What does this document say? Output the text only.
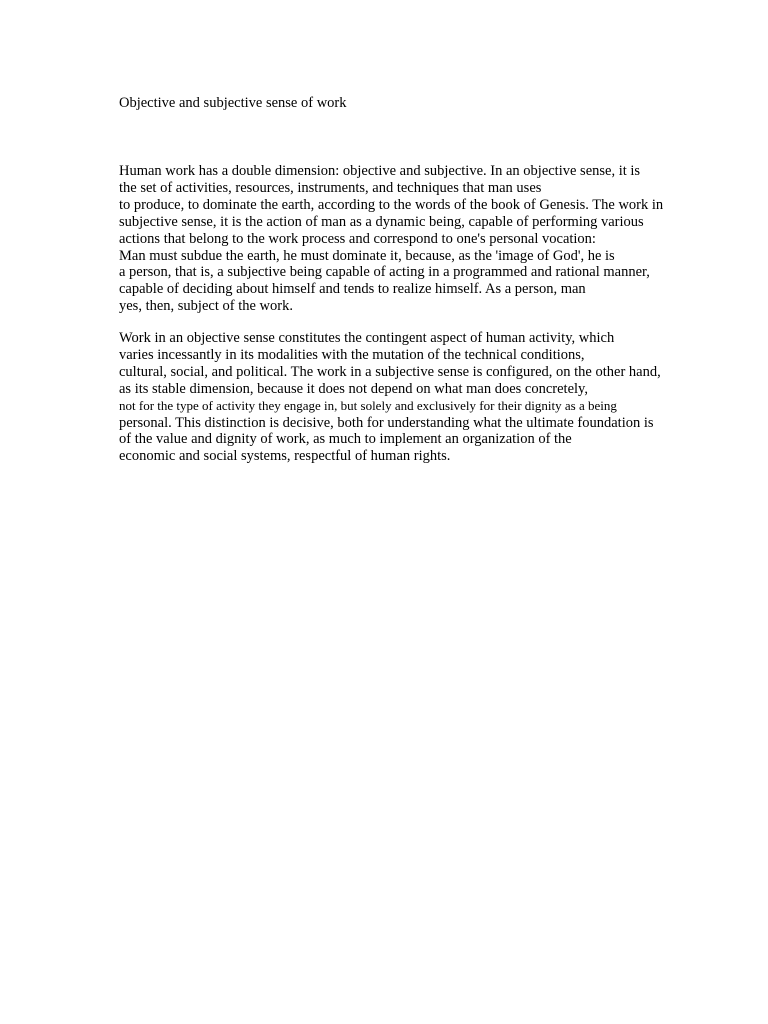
Objective and subjective sense of work
Human work has a double dimension: objective and subjective. In an objective sense, it is
the set of activities, resources, instruments, and techniques that man uses
to produce, to dominate the earth, according to the words of the book of Genesis. The work in
subjective sense, it is the action of man as a dynamic being, capable of performing various
actions that belong to the work process and correspond to one's personal vocation:
Man must subdue the earth, he must dominate it, because, as the 'image of God', he is
a person, that is, a subjective being capable of acting in a programmed and rational manner,
capable of deciding about himself and tends to realize himself. As a person, man
yes, then, subject of the work.
Work in an objective sense constitutes the contingent aspect of human activity, which
varies incessantly in its modalities with the mutation of the technical conditions,
cultural, social, and political. The work in a subjective sense is configured, on the other hand,
as its stable dimension, because it does not depend on what man does concretely,
not for the type of activity they engage in, but solely and exclusively for their dignity as a being
personal. This distinction is decisive, both for understanding what the ultimate foundation is
of the value and dignity of work, as much to implement an organization of the
economic and social systems, respectful of human rights.
